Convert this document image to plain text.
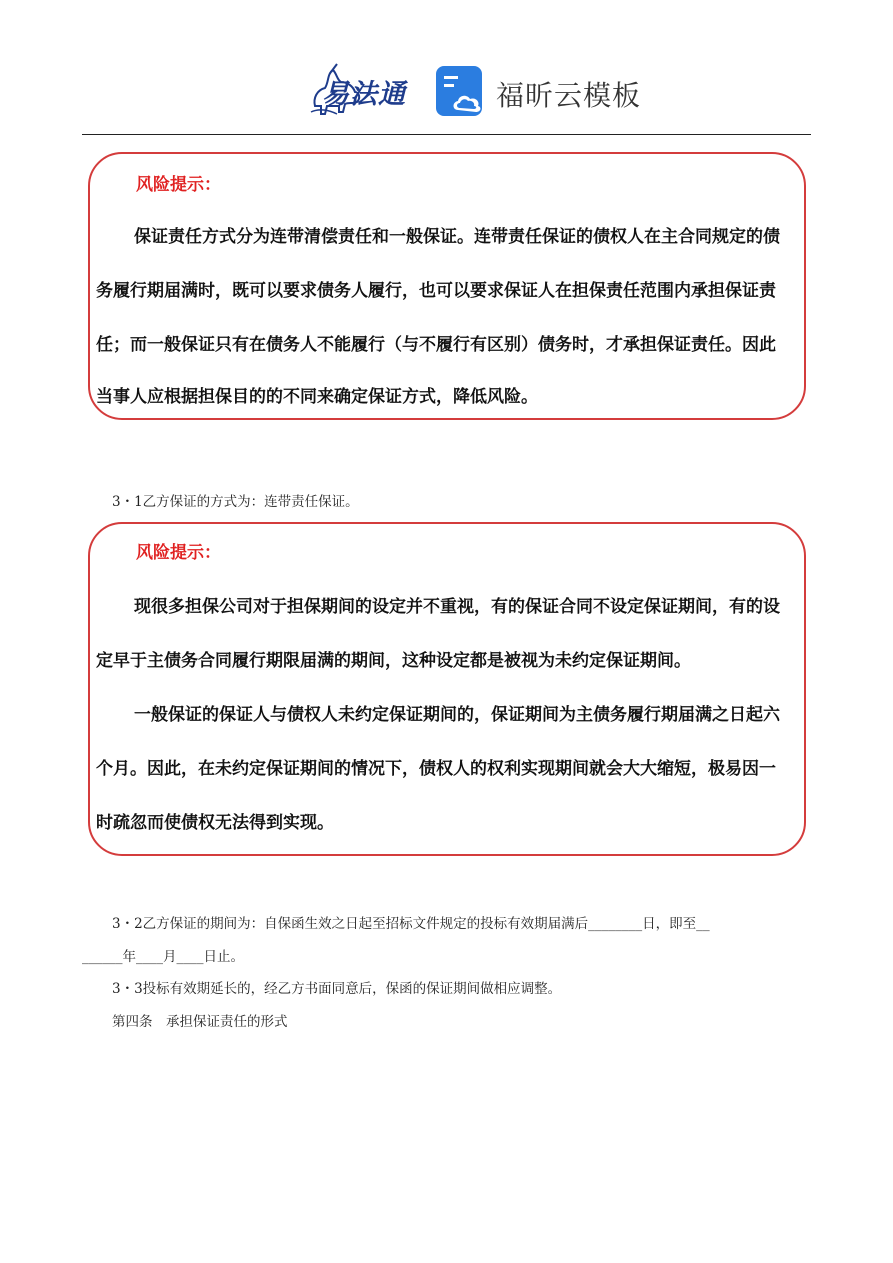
易法通	福昕云模板
风险提示：
保证责任方式分为连带清偿责任和一般保证。连带责任保证的债权人在主合同规定的债
务履行期届满时，既可以要求债务人履行，也可以要求保证人在担保责任范围内承担保证责
任；而一般保证只有在债务人不能履行（与不履行有区别）债务时，才承担保证责任。因此
当事人应根据担保目的的不同来确定保证方式，降低风险。
3・1乙方保证的方式为：连带责任保证。
风险提示：
现很多担保公司对于担保期间的设定并不重视，有的保证合同不设定保证期间，有的设
定早于主债务合同履行期限届满的期间，这种设定都是被视为未约定保证期间。
一般保证的保证人与债权人未约定保证期间的，保证期间为主债务履行期届满之日起六
个月。因此，在未约定保证期间的情况下，债权人的权利实现期间就会大大缩短，极易因一
时疏忽而使债权无法得到实现。
3・2乙方保证的期间为：自保函生效之日起至招标文件规定的投标有效期届满后________日，即至__
______年____月____日止。
3・3投标有效期延长的，经乙方书面同意后，保函的保证期间做相应调整。
第四条　承担保证责任的形式
